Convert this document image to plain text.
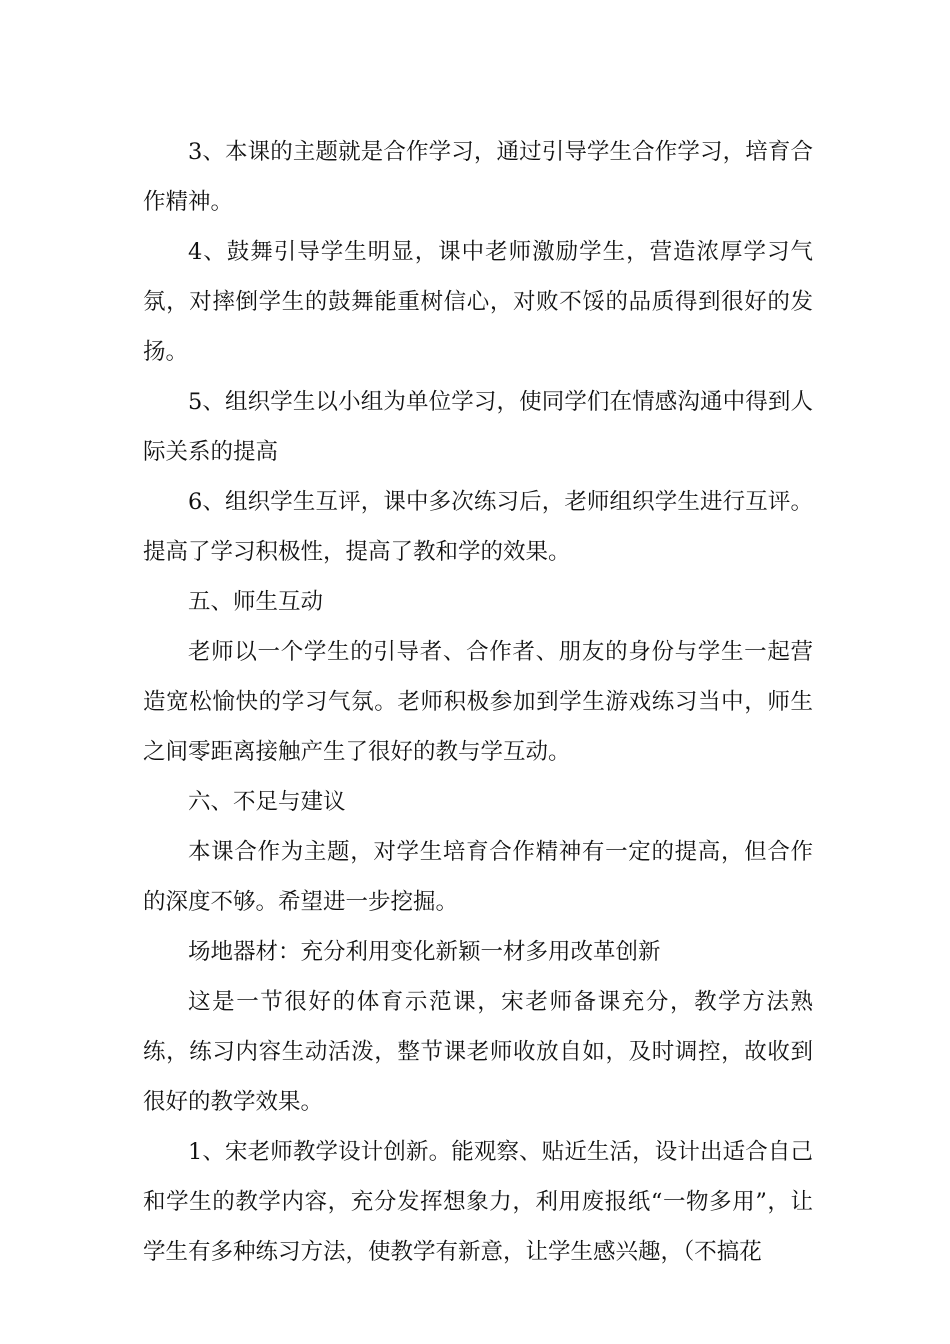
3、本课的主题就是合作学习，通过引导学生合作学习，培育合作精神。

4、鼓舞引导学生明显，课中老师激励学生，营造浓厚学习气氛，对摔倒学生的鼓舞能重树信心，对败不馁的品质得到很好的发扬。

5、组织学生以小组为单位学习，使同学们在情感沟通中得到人际关系的提高

6、组织学生互评，课中多次练习后，老师组织学生进行互评。提高了学习积极性，提高了教和学的效果。

五、师生互动

老师以一个学生的引导者、合作者、朋友的身份与学生一起营造宽松愉快的学习气氛。老师积极参加到学生游戏练习当中，师生之间零距离接触产生了很好的教与学互动。

六、不足与建议

本课合作为主题，对学生培育合作精神有一定的提高，但合作的深度不够。希望进一步挖掘。

场地器材：充分利用变化新颖一材多用改革创新

这是一节很好的体育示范课，宋老师备课充分，教学方法熟练，练习内容生动活泼，整节课老师收放自如，及时调控，故收到很好的教学效果。

1、宋老师教学设计创新。能观察、贴近生活，设计出适合自己和学生的教学内容，充分发挥想象力，利用废报纸“一物多用”，让学生有多种练习方法，使教学有新意，让学生感兴趣，（不搞花
